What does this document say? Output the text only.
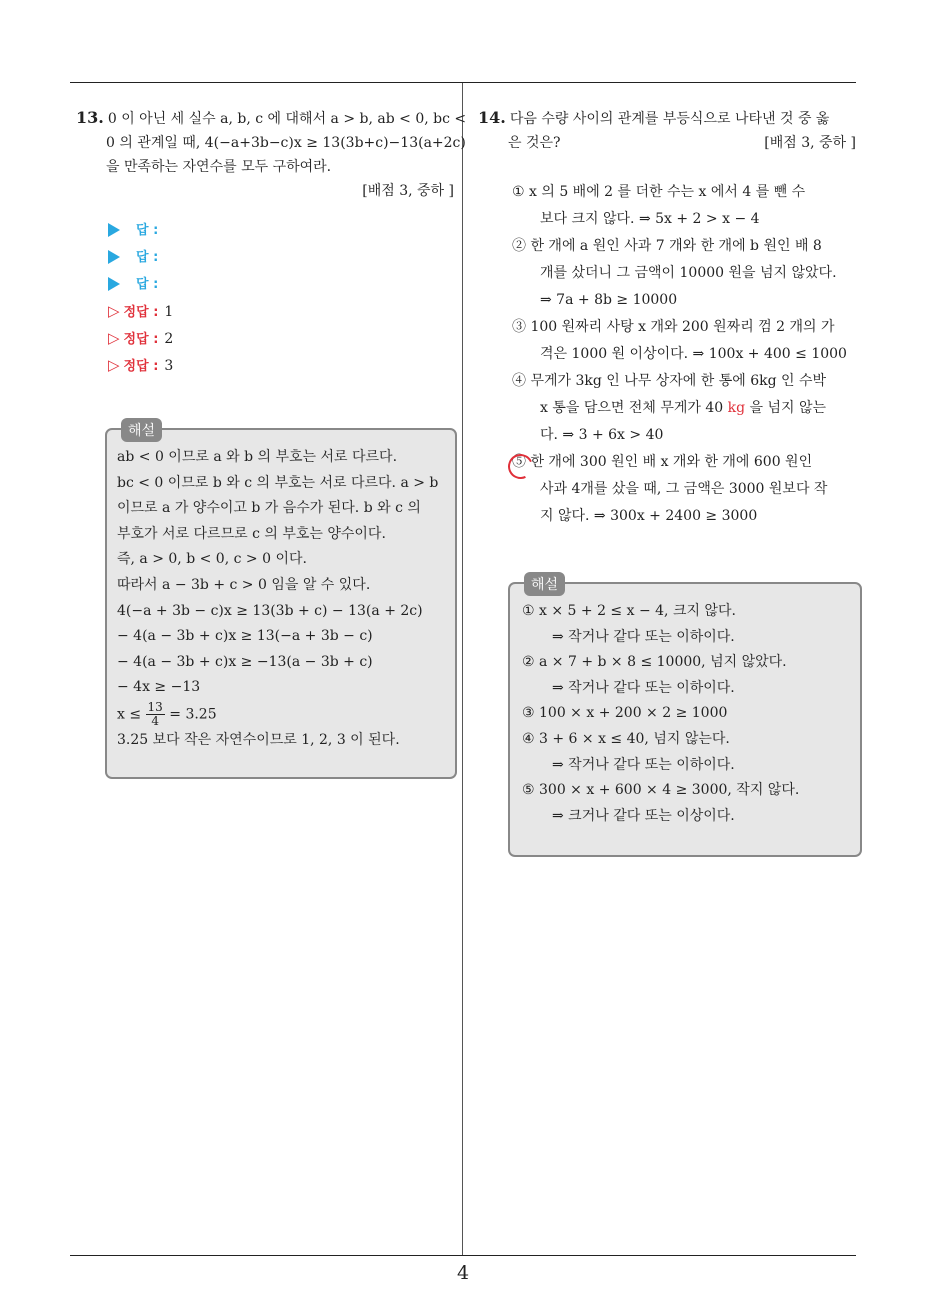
4
13. 0 이 아닌 세 실수 a, b, c 에 대해서 a > b, ab < 0, bc <
0 의 관계일 때, 4(−a+3b−c)x ≥ 13(3b+c)−13(a+2c)
을 만족하는 자연수를 모두 구하여라.
[배점 3, 중하 ]
답 :
답 :
답 :
▷ 정답 : 1
▷ 정답 : 2
▷ 정답 : 3
해설
ab < 0 이므로 a 와 b 의 부호는 서로 다르다.
bc < 0 이므로 b 와 c 의 부호는 서로 다르다. a > b
이므로 a 가 양수이고 b 가 음수가 된다. b 와 c 의
부호가 서로 다르므로 c 의 부호는 양수이다.
즉, a > 0, b < 0, c > 0 이다.
따라서 a − 3b + c > 0 임을 알 수 있다.
4(−a + 3b − c)x ≥ 13(3b + c) − 13(a + 2c)
− 4(a − 3b + c)x ≥ 13(−a + 3b − c)
− 4(a − 3b + c)x ≥ −13(a − 3b + c)
− 4x ≥ −13
$x \le \frac{13}{4} = 3.25$
3.25 보다 작은 자연수이므로 1, 2, 3 이 된다.
14. 다음 수량 사이의 관계를 부등식으로 나타낸 것 중 옳
은 것은?	[배점 3, 중하 ]
① x 의 5 배에 2 를 더한 수는 x 에서 4 를 뺀 수
보다 크지 않다. ⇒ 5x + 2 > x − 4
② 한 개에 a 원인 사과 7 개와 한 개에 b 원인 배 8
개를 샀더니 그 금액이 10000 원을 넘지 않았다.
⇒ 7a + 8b ≥ 10000
③ 100 원짜리 사탕 x 개와 200 원짜리 껌 2 개의 가
격은 1000 원 이상이다. ⇒ 100x + 400 ≤ 1000
④ 무게가 3kg 인 나무 상자에 한 통에 6kg 인 수박
x 통을 담으면 전체 무게가 40 kg 을 넘지 않는
다. ⇒ 3 + 6x > 40
⑤ 한 개에 300 원인 배 x 개와 한 개에 600 원인
사과 4개를 샀을 때, 그 금액은 3000 원보다 작
지 않다. ⇒ 300x + 2400 ≥ 3000
해설
① x × 5 + 2 ≤ x − 4, 크지 않다.
⇒ 작거나 같다 또는 이하이다.
② a × 7 + b × 8 ≤ 10000, 넘지 않았다.
⇒ 작거나 같다 또는 이하이다.
③ 100 × x + 200 × 2 ≥ 1000
④ 3 + 6 × x ≤ 40, 넘지 않는다.
⇒ 작거나 같다 또는 이하이다.
⑤ 300 × x + 600 × 4 ≥ 3000, 작지 않다.
⇒ 크거나 같다 또는 이상이다.
